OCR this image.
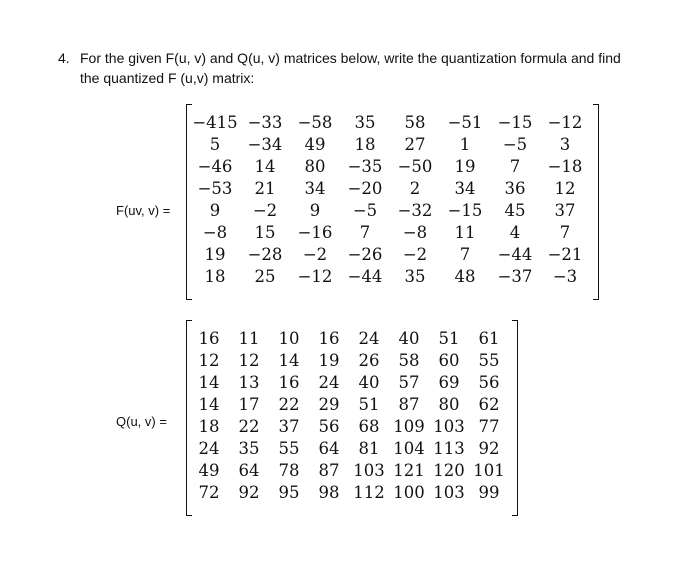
4. For the given F(u, v) and Q(u, v) matrices below, write the quantization formula and find
the quantized F (u,v) matrix:
F(uv, v) =
−415 −33 −58	35	58	−51 −15 −12
5	−34	49	18	27	1	−5	3
−46	14	80	−35 −50	19	7	−18
−53	21	34	−20	2	34	36	12
9	−2	9	−5	−32 −15	45	37
−8	15	−16	7	−8	11	4	7
19	−28	−2	−26	−2	7	−44 −21
18	25	−12 −44	35	48	−37	−3
Q(u, v) =
16	11	10	16	24	40	51	61
12	12	14	19	26	58	60	55
14	13	16	24	40	57	69	56
14	17	22	29	51	87	80	62
18	22	37	56	68 109 103 77
24	35	55	64	81 104 113 92
49	64	78	87 103 121 120 101
72	92	95	98 112 100 103 99
